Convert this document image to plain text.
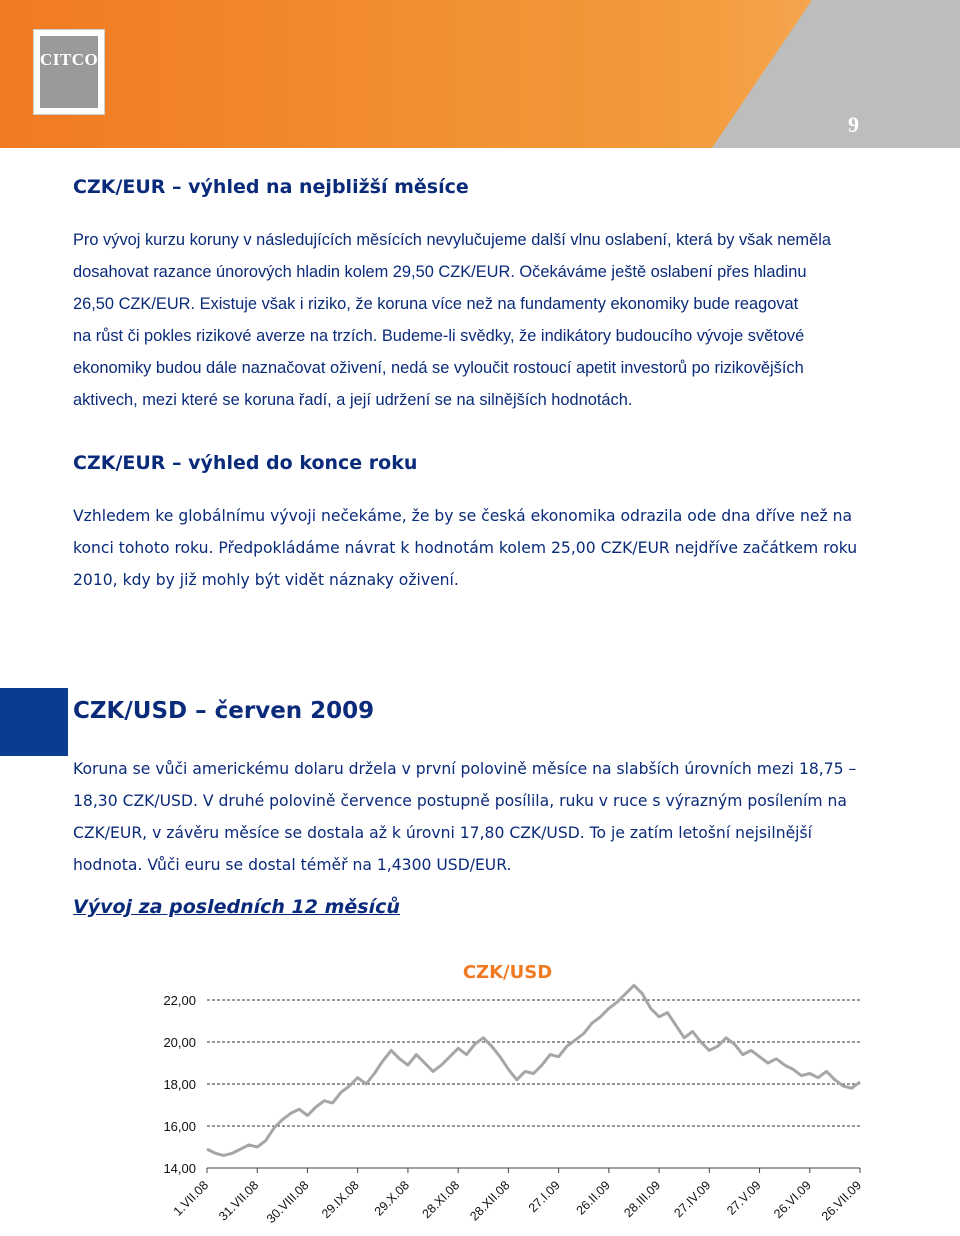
CITCO
9
CZK/EUR – výhled na nejbližší měsíce
Pro vývoj kurzu koruny v následujících měsících nevylučujeme další vlnu oslabení, která by však neměla
dosahovat razance únorových hladin kolem 29,50 CZK/EUR. Očekáváme ještě oslabení přes hladinu
26,50 CZK/EUR. Existuje však i riziko, že koruna více než na fundamenty ekonomiky bude reagovat
na růst či pokles rizikové averze na trzích. Budeme-li svědky, že indikátory budoucího vývoje světové
ekonomiky budou dále naznačovat oživení, nedá se vyloučit rostoucí apetit investorů po rizikovějších
aktivech, mezi které se koruna řadí, a její udržení se na silnějších hodnotách.
CZK/EUR – výhled do konce roku
Vzhledem ke globálnímu vývoji nečekáme, že by se česká ekonomika odrazila ode dna dříve než na
konci tohoto roku. Předpokládáme návrat k hodnotám kolem 25,00 CZK/EUR nejdříve začátkem roku
2010, kdy by již mohly být vidět náznaky oživení.
CZK/USD – červen 2009
Koruna se vůči americkému dolaru držela v první polovině měsíce na slabších úrovních mezi 18,75 –
18,30 CZK/USD. V druhé polovině července postupně posílila, ruku v ruce s výrazným posílením na
CZK/EUR, v závěru měsíce se dostala až k úrovni 17,80 CZK/USD. To je zatím letošní nejsilnější
hodnota. Vůči euru se dostal téměř na 1,4300 USD/EUR.
Vývoj za posledních 12 měsíců
CZK/USD
22,00
20,00
18,00
16,00
14,00
1.VII.08 31.VII.08 30.VIII.08 29.IX.08 29.X.08 28.XI.08 28.XII.08 27.I.09 26.II.09 28.III.09 27.IV.09 27.V.09 26.VI.09 26.VII.09
